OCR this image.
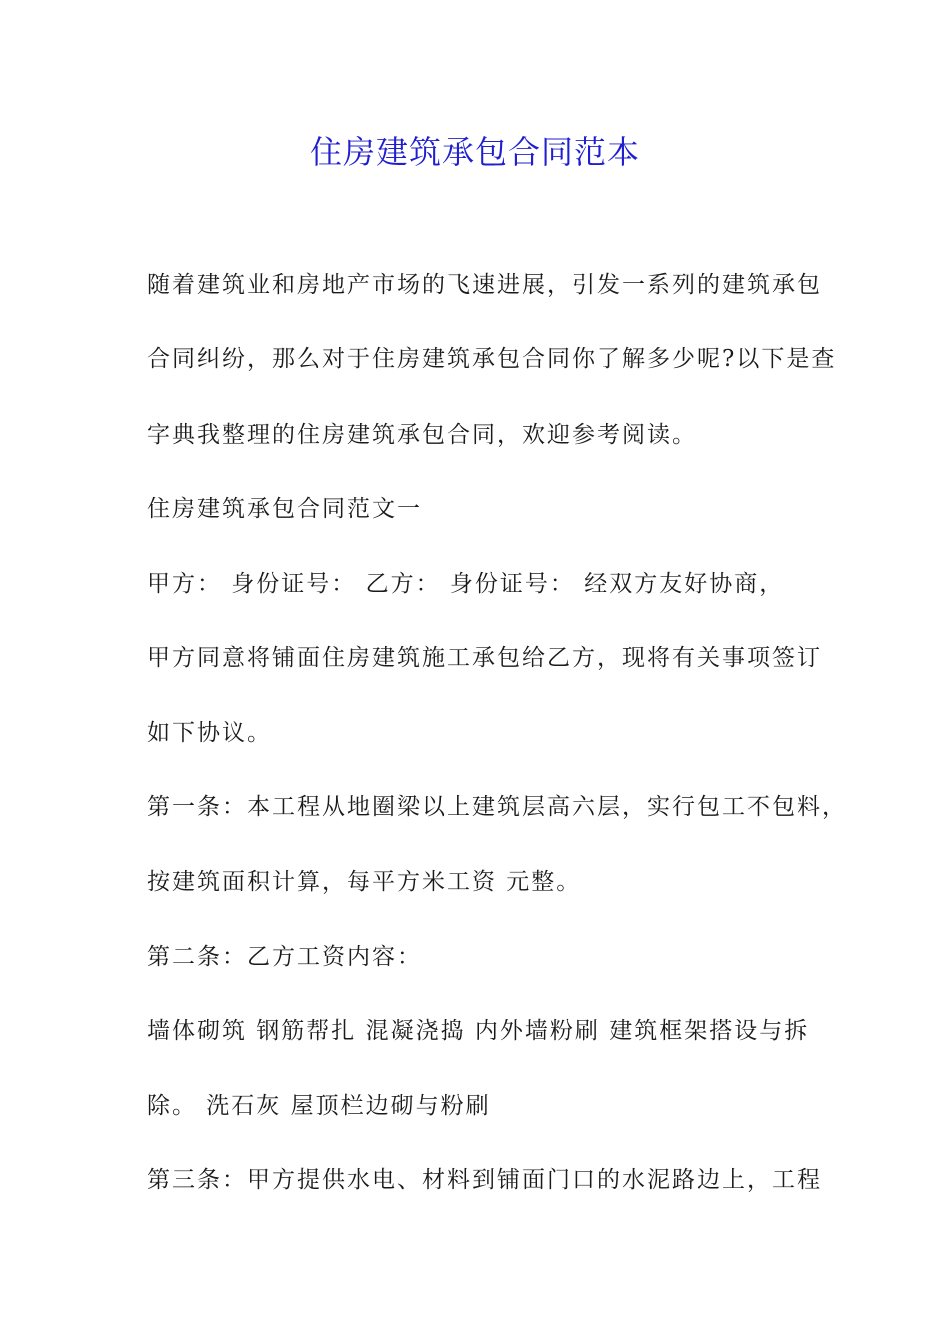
住房建筑承包合同范本
随着建筑业和房地产市场的飞速进展，引发一系列的建筑承包
合同纠纷，那么对于住房建筑承包合同你了解多少呢?以下是查
字典我整理的住房建筑承包合同，欢迎参考阅读。
住房建筑承包合同范文一
甲方： 身份证号： 乙方： 身份证号： 经双方友好协商，
甲方同意将铺面住房建筑施工承包给乙方，现将有关事项签订
如下协议。
第一条：本工程从地圈梁以上建筑层高六层，实行包工不包料，
按建筑面积计算，每平方米工资 元整。
第二条：乙方工资内容：
墙体砌筑 钢筋帮扎 混凝浇捣 内外墙粉刷 建筑框架搭设与拆
除。 洗石灰 屋顶栏边砌与粉刷
第三条：甲方提供水电、材料到铺面门口的水泥路边上，工程
